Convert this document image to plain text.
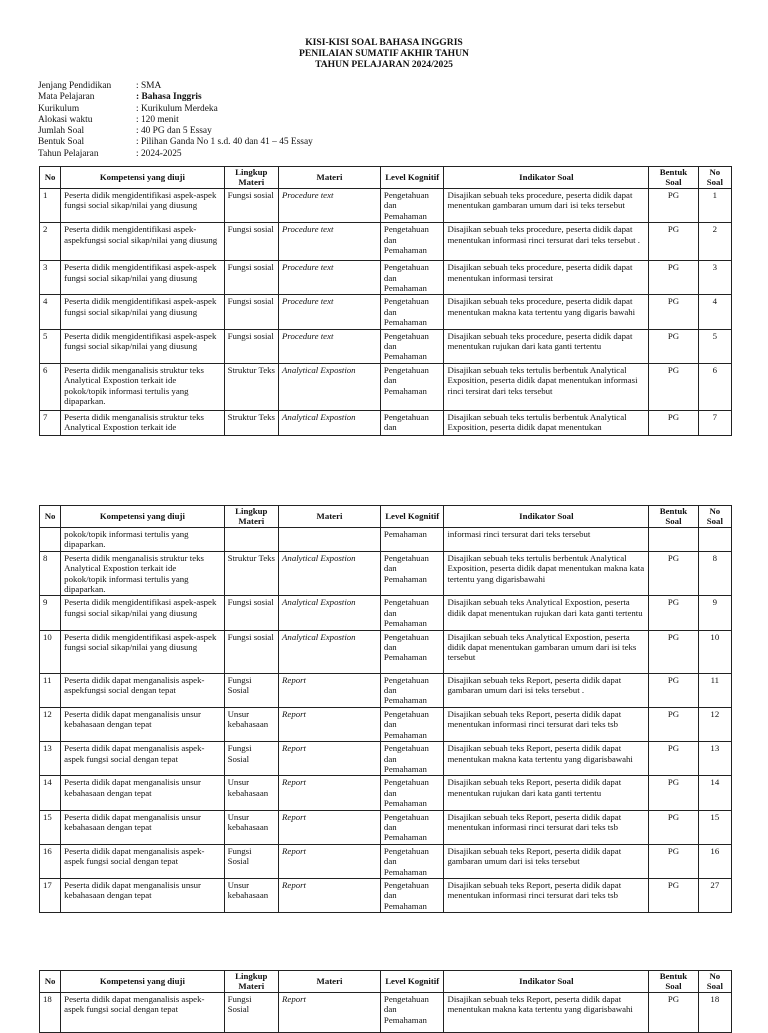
KISI-KISI SOAL BAHASA INGGRIS
PENILAIAN SUMATIF AKHIR TAHUN
TAHUN PELAJARAN 2024/2025
Jenjang Pendidikan	: SMA
Mata Pelajaran	: Bahasa Inggris
Kurikulum	: Kurikulum Merdeka
Alokasi waktu	: 120 menit
Jumlah Soal	: 40 PG dan 5 Essay
Bentuk Soal	: Pilihan Ganda No 1 s.d. 40 dan 41 – 45 Essay
Tahun Pelajaran	: 2024-2025
No	Kompetensi yang diuji	Lingkup Materi	Materi	Level Kognitif	Indikator Soal	Bentuk Soal	No Soal
1	Peserta didik mengidentifikasi aspek-aspek fungsi social sikap/nilai yang diusung	Fungsi sosial	Procedure text	Pengetahuan dan Pemahaman	Disajikan sebuah teks procedure, peserta didik dapat menentukan gambaran umum dari isi teks tersebut	PG	1
2	Peserta didik mengidentifikasi aspek-aspekfungsi social sikap/nilai yang diusung	Fungsi sosial	Procedure text	Pengetahuan dan Pemahaman	Disajikan sebuah teks procedure, peserta didik dapat menentukan informasi rinci tersurat dari teks tersebut .	PG	2
3	Peserta didik mengidentifikasi aspek-aspek fungsi social sikap/nilai yang diusung	Fungsi sosial	Procedure text	Pengetahuan dan Pemahaman	Disajikan sebuah teks procedure, peserta didik dapat menentukan informasi tersirat	PG	3
4	Peserta didik mengidentifikasi aspek-aspek fungsi social sikap/nilai yang diusung	Fungsi sosial	Procedure text	Pengetahuan dan Pemahaman	Disajikan sebuah teks procedure, peserta didik dapat menentukan makna kata tertentu yang digaris bawahi	PG	4
5	Peserta didik mengidentifikasi aspek-aspek fungsi social sikap/nilai yang diusung	Fungsi sosial	Procedure text	Pengetahuan dan Pemahaman	Disajikan sebuah teks procedure, peserta didik dapat menentukan rujukan dari kata ganti tertentu	PG	5
6	Peserta didik menganalisis struktur teks Analytical Expostion terkait ide pokok/topik informasi tertulis yang dipaparkan.	Struktur Teks	Analytical Expostion	Pengetahuan dan Pemahaman	Disajikan sebuah teks tertulis berbentuk Analytical Exposition, peserta didik dapat menentukan informasi rinci tersirat dari teks tersebut	PG	6
7	Peserta didik menganalisis struktur teks Analytical Expostion terkait ide	Struktur Teks	Analytical Expostion	Pengetahuan dan	Disajikan sebuah teks tertulis berbentuk Analytical Exposition, peserta didik dapat menentukan	PG	7
No	Kompetensi yang diuji	Lingkup Materi	Materi	Level Kognitif	Indikator Soal	Bentuk Soal	No Soal
	pokok/topik informasi tertulis yang dipaparkan.			Pemahaman	informasi rinci tersurat dari teks tersebut		
8	Peserta didik menganalisis struktur teks Analytical Expostion terkait ide pokok/topik informasi tertulis yang dipaparkan.	Struktur Teks	Analytical Expostion	Pengetahuan dan Pemahaman	Disajikan sebuah teks tertulis berbentuk Analytical Exposition, peserta didik dapat menentukan makna kata tertentu yang digarisbawahi	PG	8
9	Peserta didik mengidentifikasi aspek-aspek fungsi social sikap/nilai yang diusung	Fungsi sosial	Analytical Expostion	Pengetahuan dan Pemahaman	Disajikan sebuah teks Analytical Expostion, peserta didik dapat menentukan rujukan dari kata ganti tertentu	PG	9
10	Peserta didik mengidentifikasi aspek-aspek fungsi social sikap/nilai yang diusung	Fungsi sosial	Analytical Expostion	Pengetahuan dan Pemahaman	Disajikan sebuah teks Analytical Expostion, peserta didik dapat menentukan gambaran umum dari isi teks tersebut	PG	10
11	Peserta didik dapat menganalisis aspek-aspekfungsi social dengan tepat	Fungsi Sosial	Report	Pengetahuan dan Pemahaman	Disajikan sebuah teks Report, peserta didik dapat gambaran umum dari isi teks tersebut .	PG	11
12	Peserta didik dapat menganalisis unsur kebahasaan dengan tepat	Unsur kebahasaan	Report	Pengetahuan dan Pemahaman	Disajikan sebuah teks Report, peserta didik dapat menentukan informasi rinci tersurat dari teks tsb	PG	12
13	Peserta didik dapat menganalisis aspek-aspek fungsi social dengan tepat	Fungsi Sosial	Report	Pengetahuan dan Pemahaman	Disajikan sebuah teks Report, peserta didik dapat menentukan makna kata tertentu yang digarisbawahi	PG	13
14	Peserta didik dapat menganalisis unsur kebahasaan dengan tepat	Unsur kebahasaan	Report	Pengetahuan dan Pemahaman	Disajikan sebuah teks Report, peserta didik dapat menentukan rujukan dari kata ganti tertentu	PG	14
15	Peserta didik dapat menganalisis unsur kebahasaan dengan tepat	Unsur kebahasaan	Report	Pengetahuan dan Pemahaman	Disajikan sebuah teks Report, peserta didik dapat menentukan informasi rinci tersurat dari teks tsb	PG	15
16	Peserta didik dapat menganalisis aspek-aspek fungsi social dengan tepat	Fungsi Sosial	Report	Pengetahuan dan Pemahaman	Disajikan sebuah teks Report, peserta didik dapat gambaran umum dari isi teks tersebut	PG	16
17	Peserta didik dapat menganalisis unsur kebahasaan dengan tepat	Unsur kebahasaan	Report	Pengetahuan dan Pemahaman	Disajikan sebuah teks Report, peserta didik dapat menentukan informasi rinci tersurat dari teks tsb	PG	27
No	Kompetensi yang diuji	Lingkup Materi	Materi	Level Kognitif	Indikator Soal	Bentuk Soal	No Soal
18	Peserta didik dapat menganalisis aspek-aspek fungsi social dengan tepat	Fungsi Sosial	Report	Pengetahuan dan Pemahaman	Disajikan sebuah teks Report, peserta didik dapat menentukan makna kata tertentu yang digarisbawahi	PG	18
